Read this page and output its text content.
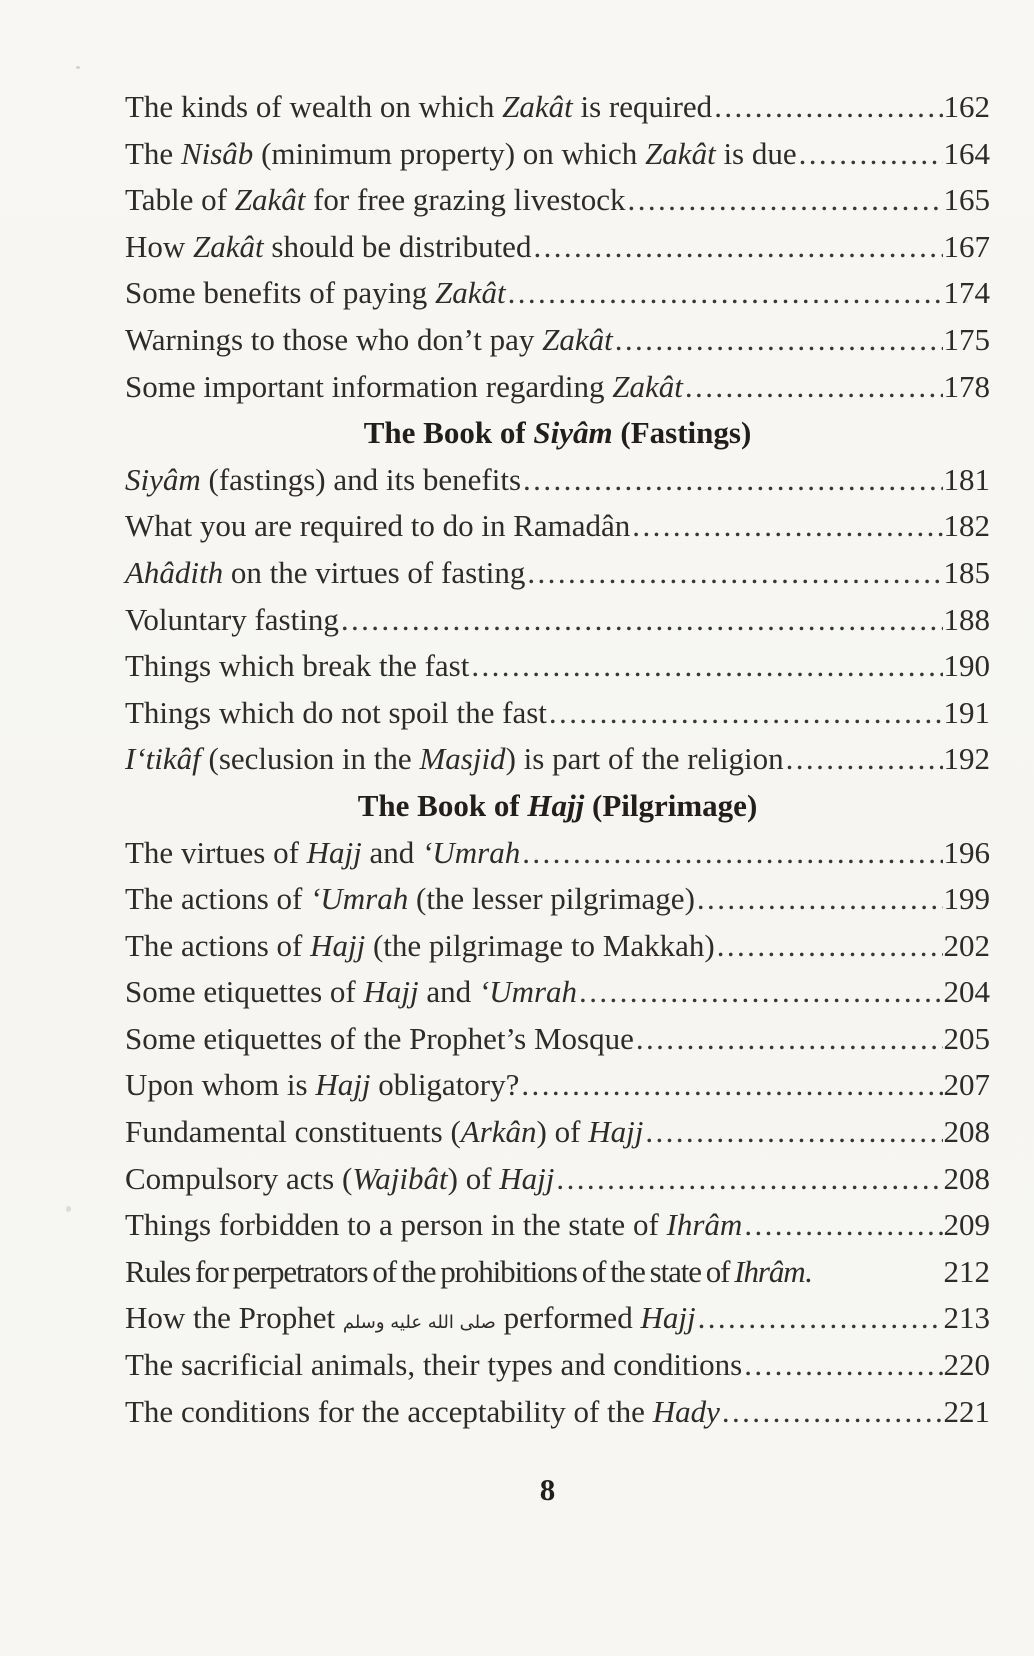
The kinds of wealth on which Zakât is required .....	162
The Nisâb (minimum property) on which Zakât is due .....	164
Table of Zakât for free grazing livestock .....	165
How Zakât should be distributed .....	167
Some benefits of paying Zakât .....	174
Warnings to those who don’t pay Zakât .....	175
Some important information regarding Zakât .....	178
The Book of Siyâm (Fastings)
Siyâm (fastings) and its benefits .....	181
What you are required to do in Ramadân .....	182
Ahâdith on the virtues of fasting .....	185
Voluntary fasting .....	188
Things which break the fast .....	190
Things which do not spoil the fast .....	191
I‘tikâf (seclusion in the Masjid) is part of the religion .....	192
The Book of Hajj (Pilgrimage)
The virtues of Hajj and ‘Umrah .....	196
The actions of ‘Umrah (the lesser pilgrimage) .....	199
The actions of Hajj (the pilgrimage to Makkah) .....	202
Some etiquettes of Hajj and ‘Umrah .....	204
Some etiquettes of the Prophet’s Mosque .....	205
Upon whom is Hajj obligatory? .....	207
Fundamental constituents (Arkân) of Hajj .....	208
Compulsory acts (Wajibât) of Hajj .....	208
Things forbidden to a person in the state of Ihrâm .....	209
Rules for perpetrators of the prohibitions of the state of Ihrâm.	212
How the Prophet صلى الله عليه وسلم performed Hajj .....	213
The sacrificial animals, their types and conditions .....	220
The conditions for the acceptability of the Hady .....	221
8
